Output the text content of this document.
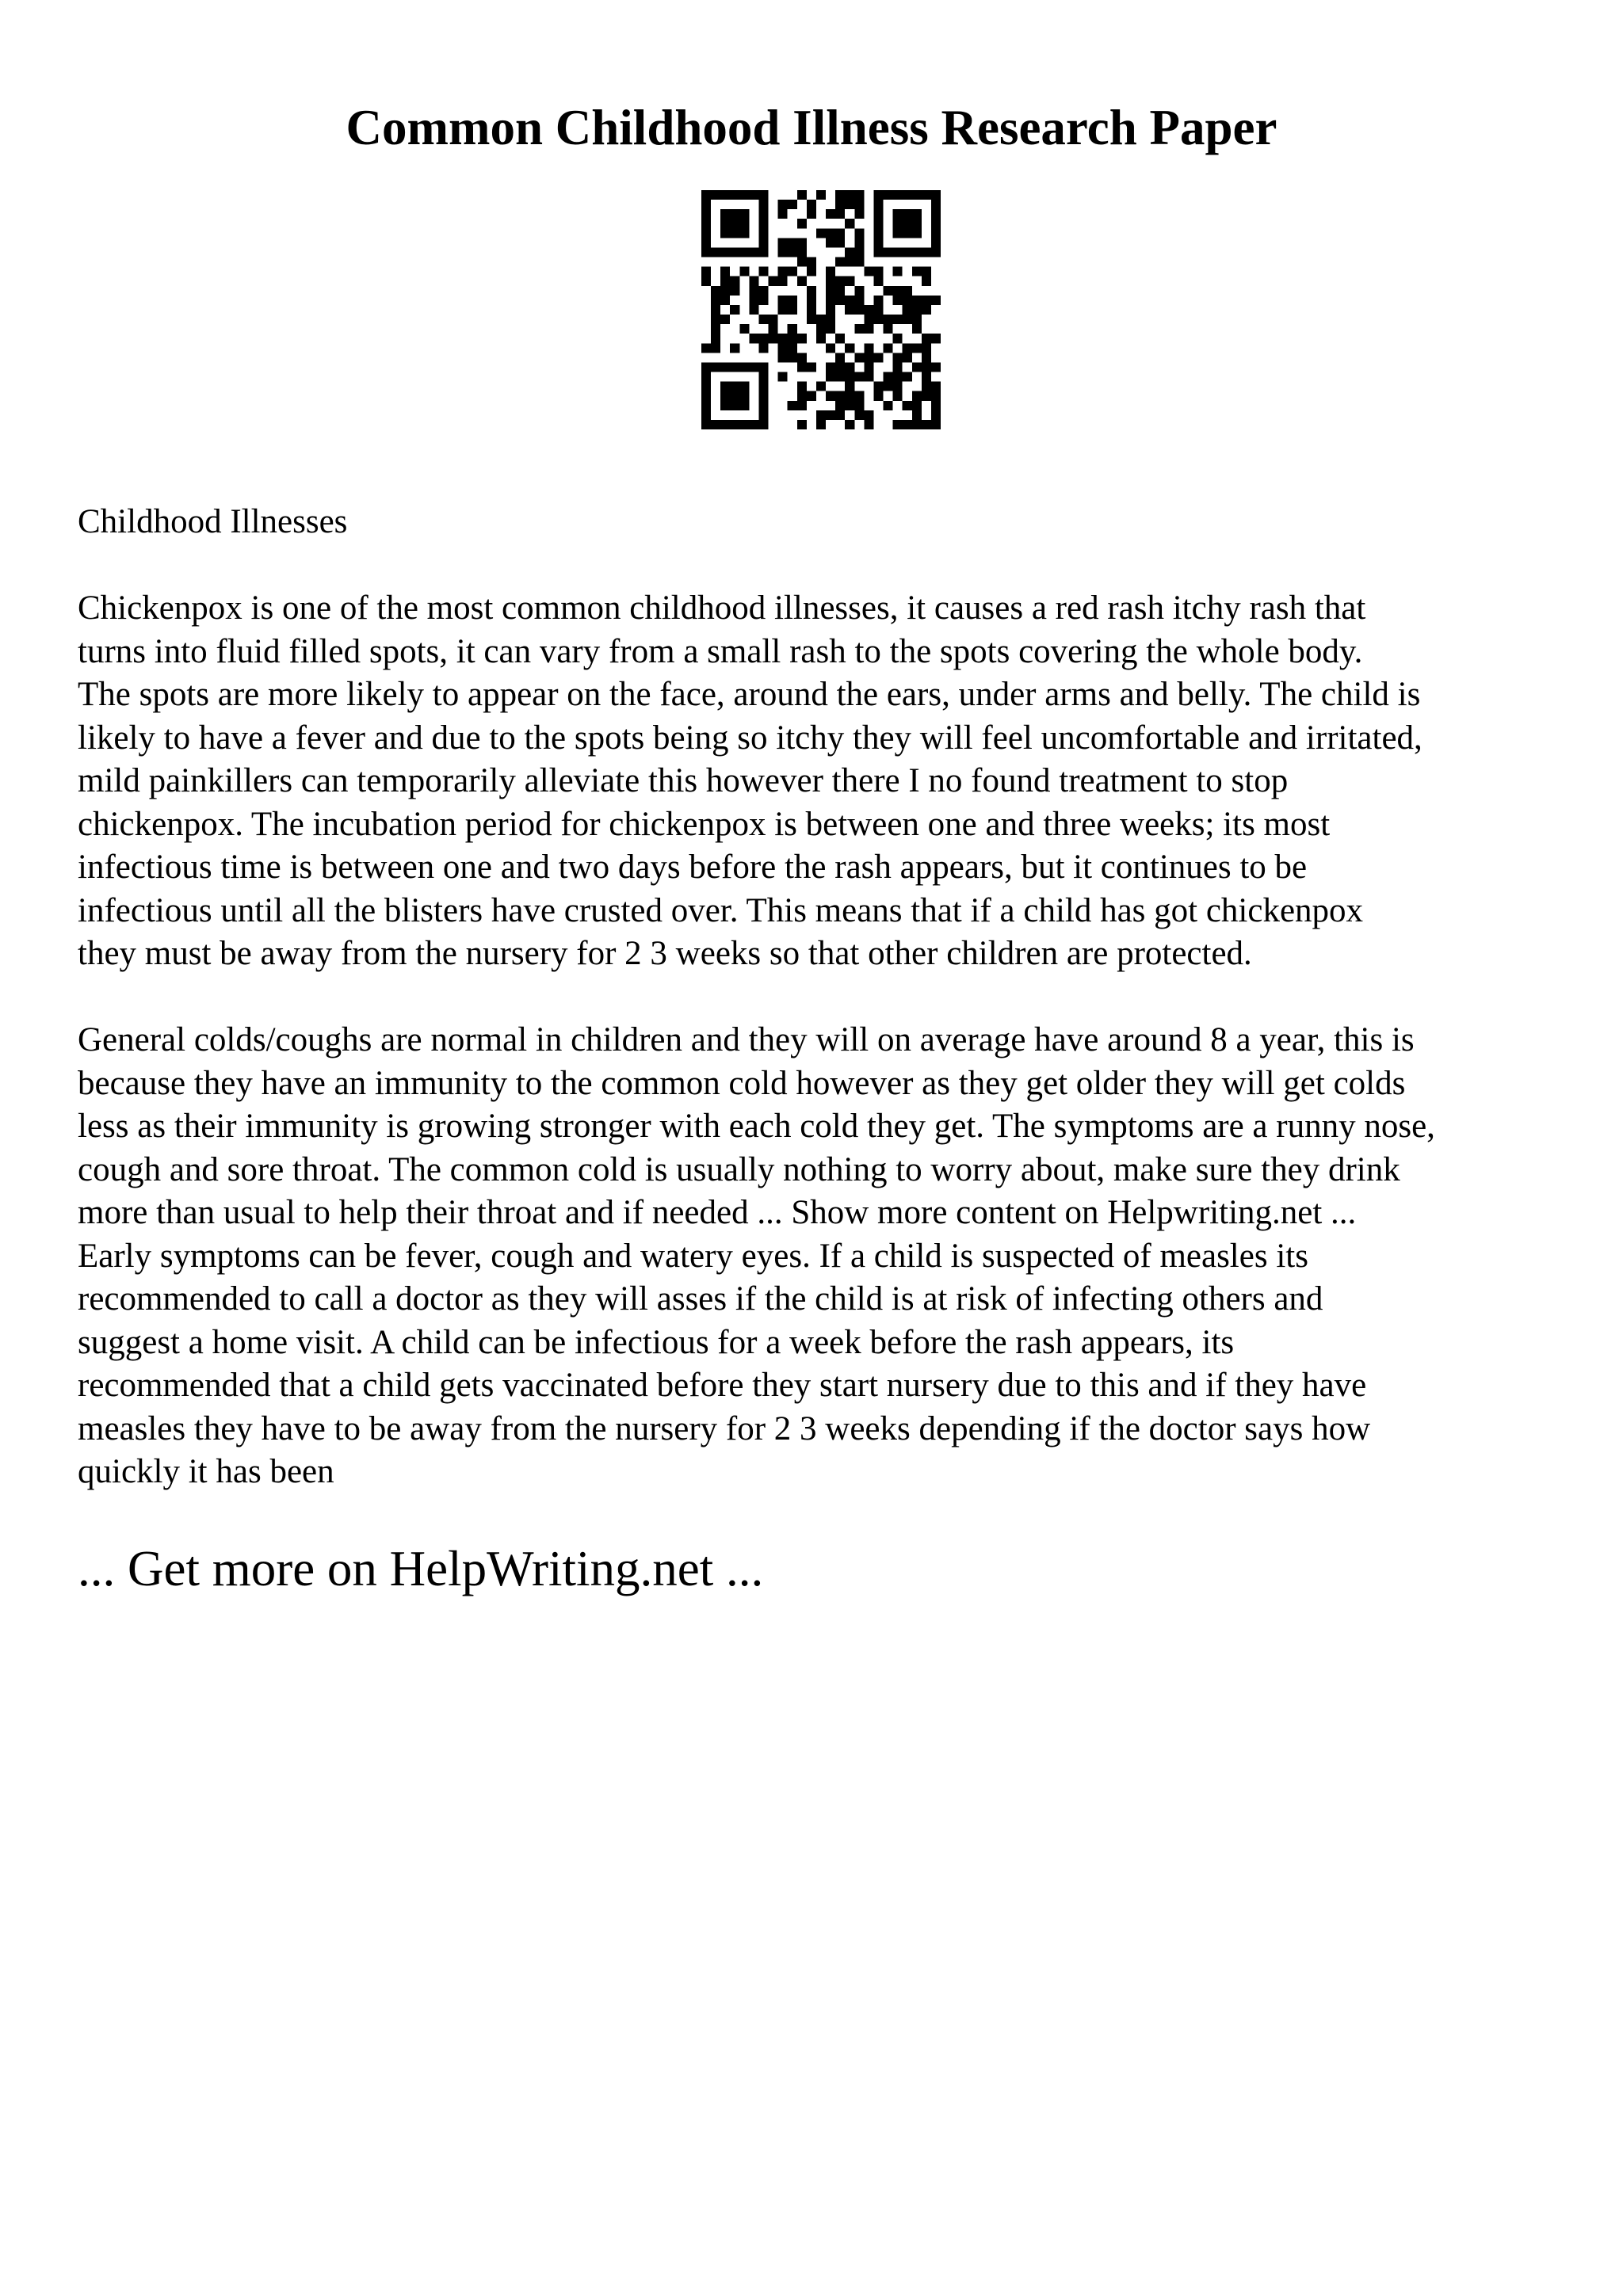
Common Childhood Illness Research Paper

Childhood Illnesses

Chickenpox is one of the most common childhood illnesses, it causes a red rash itchy rash that
turns into fluid filled spots, it can vary from a small rash to the spots covering the whole body.
The spots are more likely to appear on the face, around the ears, under arms and belly. The child is
likely to have a fever and due to the spots being so itchy they will feel uncomfortable and irritated,
mild painkillers can temporarily alleviate this however there I no found treatment to stop
chickenpox. The incubation period for chickenpox is between one and three weeks; its most
infectious time is between one and two days before the rash appears, but it continues to be
infectious until all the blisters have crusted over. This means that if a child has got chickenpox
they must be away from the nursery for 2 3 weeks so that other children are protected.

General colds/coughs are normal in children and they will on average have around 8 a year, this is
because they have an immunity to the common cold however as they get older they will get colds
less as their immunity is growing stronger with each cold they get. The symptoms are a runny nose,
cough and sore throat. The common cold is usually nothing to worry about, make sure they drink
more than usual to help their throat and if needed ... Show more content on Helpwriting.net ...
Early symptoms can be fever, cough and watery eyes. If a child is suspected of measles its
recommended to call a doctor as they will asses if the child is at risk of infecting others and
suggest a home visit. A child can be infectious for a week before the rash appears, its
recommended that a child gets vaccinated before they start nursery due to this and if they have
measles they have to be away from the nursery for 2 3 weeks depending if the doctor says how
quickly it has been

... Get more on HelpWriting.net ...
